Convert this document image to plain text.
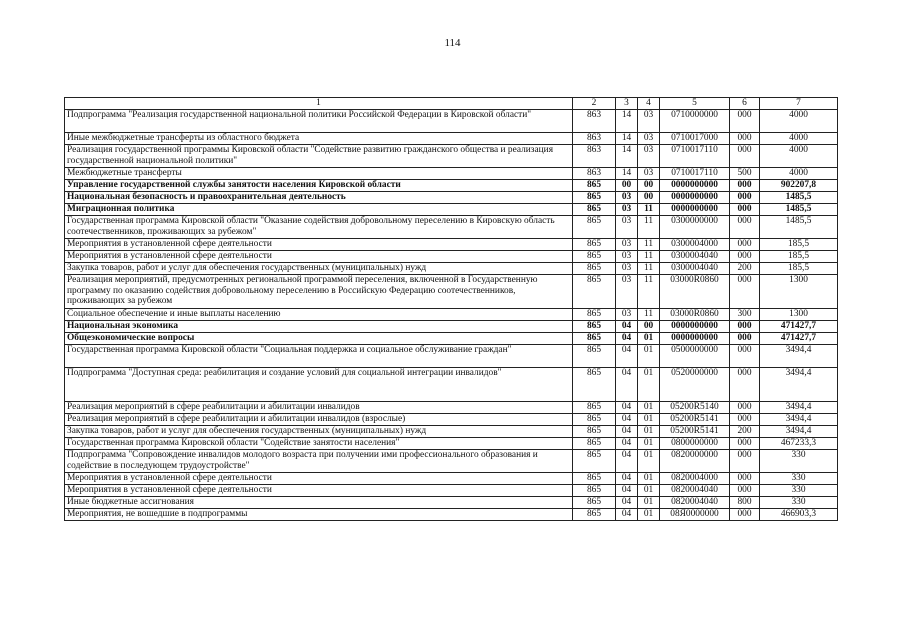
114
1	2	3	4	5	6	7
Подпрограмма "Реализация государственной национальной политики Российской Федерации в Кировской области"	863	14	03	0710000000	000	4000
Иные межбюджетные трансферты из областного бюджета	863	14	03	0710017000	000	4000
Реализация государственной программы Кировской области "Содействие развитию гражданского общества и реализация государственной национальной политики"	863	14	03	0710017110	000	4000
Межбюджетные трансферты	863	14	03	0710017110	500	4000
Управление государственной службы занятости населения Кировской области	865	00	00	0000000000	000	902207,8
Национальная безопасность и правоохранительная деятельность	865	03	00	0000000000	000	1485,5
Миграционная политика	865	03	11	0000000000	000	1485,5
Государственная программа Кировской области "Оказание содействия добровольному переселению в Кировскую область соотечественников, проживающих за рубежом"	865	03	11	0300000000	000	1485,5
Мероприятия в установленной сфере деятельности	865	03	11	0300004000	000	185,5
Мероприятия в установленной сфере деятельности	865	03	11	0300004040	000	185,5
Закупка товаров, работ и услуг для обеспечения государственных (муниципальных) нужд	865	03	11	0300004040	200	185,5
Реализация мероприятий, предусмотренных региональной программой переселения, включенной в Государственную программу по оказанию содействия добровольному переселению в Российскую Федерацию соотечественников, проживающих за рубежом	865	03	11	03000R0860	000	1300
Социальное обеспечение и иные выплаты населению	865	03	11	03000R0860	300	1300
Национальная экономика	865	04	00	0000000000	000	471427,7
Общеэкономические вопросы	865	04	01	0000000000	000	471427,7
Государственная программа Кировской области "Социальная поддержка и социальное обслуживание граждан"	865	04	01	0500000000	000	3494,4
Подпрограмма "Доступная среда: реабилитация и создание условий для социальной интеграции инвалидов"	865	04	01	0520000000	000	3494,4
Реализация мероприятий в сфере реабилитации и абилитации инвалидов	865	04	01	05200R5140	000	3494,4
Реализация мероприятий в сфере реабилитации и абилитации инвалидов (взрослые)	865	04	01	05200R5141	000	3494,4
Закупка товаров, работ и услуг для обеспечения государственных (муниципальных) нужд	865	04	01	05200R5141	200	3494,4
Государственная программа Кировской области "Содействие занятости населения"	865	04	01	0800000000	000	467233,3
Подпрограмма "Сопровождение инвалидов молодого возраста при получении ими профессионального образования и содействие в последующем трудоустройстве"	865	04	01	0820000000	000	330
Мероприятия в установленной сфере деятельности	865	04	01	0820004000	000	330
Мероприятия в установленной сфере деятельности	865	04	01	0820004040	000	330
Иные бюджетные ассигнования	865	04	01	0820004040	800	330
Мероприятия, не вошедшие в подпрограммы	865	04	01	08Я0000000	000	466903,3
